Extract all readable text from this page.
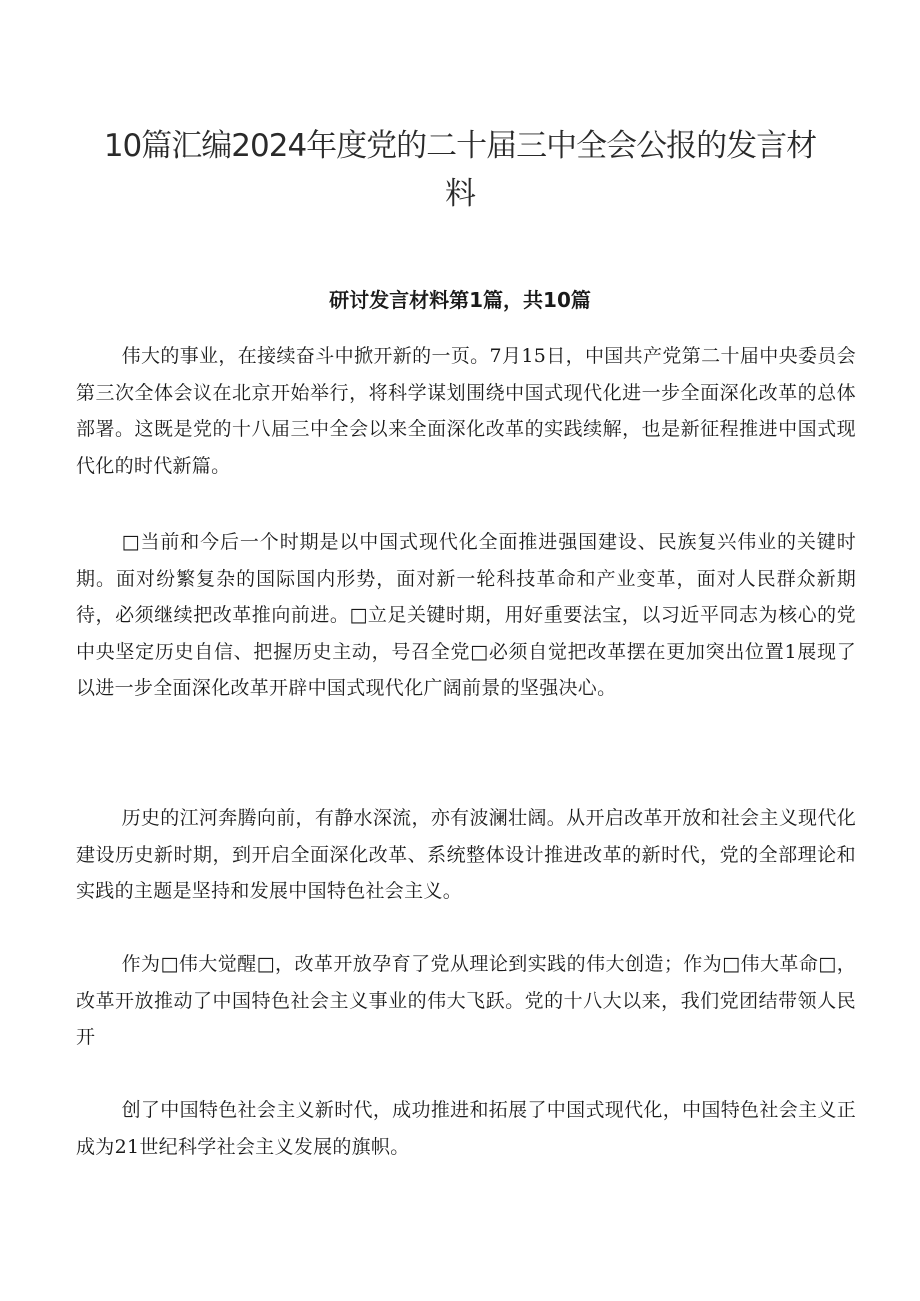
10篇汇编2024年度党的二十届三中全会公报的发言材
料
研讨发言材料第1篇，共10篇

伟大的事业，在接续奋斗中掀开新的一页。7月15日，中国共产党第二十届中央委员会第三次全体会议在北京开始举行，将科学谋划围绕中国式现代化进一步全面深化改革的总体部署。这既是党的十八届三中全会以来全面深化改革的实践续解，也是新征程推进中国式现代化的时代新篇。

□当前和今后一个时期是以中国式现代化全面推进强国建设、民族复兴伟业的关键时期。面对纷繁复杂的国际国内形势，面对新一轮科技革命和产业变革，面对人民群众新期待，必须继续把改革推向前进。□立足关键时期，用好重要法宝，以习近平同志为核心的党中央坚定历史自信、把握历史主动，号召全党□必须自觉把改革摆在更加突出位置1展现了以进一步全面深化改革开辟中国式现代化广阔前景的坚强决心。

历史的江河奔腾向前，有静水深流，亦有波澜壮阔。从开启改革开放和社会主义现代化建设历史新时期，到开启全面深化改革、系统整体设计推进改革的新时代，党的全部理论和实践的主题是坚持和发展中国特色社会主义。

作为□伟大觉醒□，改革开放孕育了党从理论到实践的伟大创造；作为□伟大革命□，改革开放推动了中国特色社会主义事业的伟大飞跃。党的十八大以来，我们党团结带领人民开

创了中国特色社会主义新时代，成功推进和拓展了中国式现代化，中国特色社会主义正成为21世纪科学社会主义发展的旗帜。
